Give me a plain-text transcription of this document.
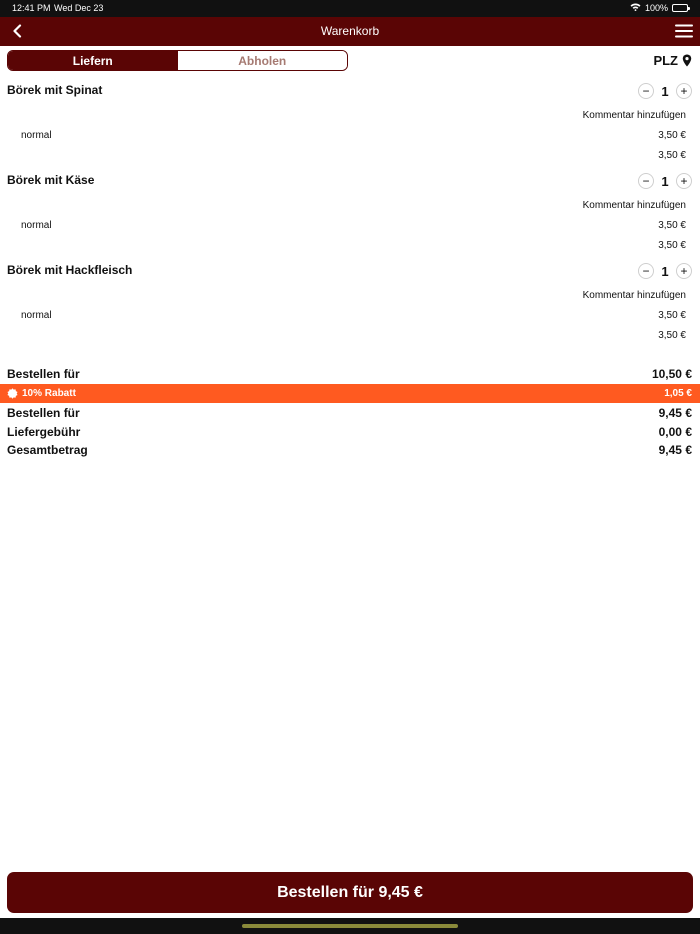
12:41 PM Wed Dec 23	100%
Warenkorb
Liefern	Abholen	PLZ
Börek mit Spinat	− 1 +
Kommentar hinzufügen
normal	3,50 €
3,50 €
Börek mit Käse	− 1 +
Kommentar hinzufügen
normal	3,50 €
3,50 €
Börek mit Hackfleisch	− 1 +
Kommentar hinzufügen
normal	3,50 €
3,50 €
Bestellen für	10,50 €
10% Rabatt	1,05 €
Bestellen für	9,45 €
Liefergebühr	0,00 €
Gesamtbetrag	9,45 €
Bestellen für 9,45 €
